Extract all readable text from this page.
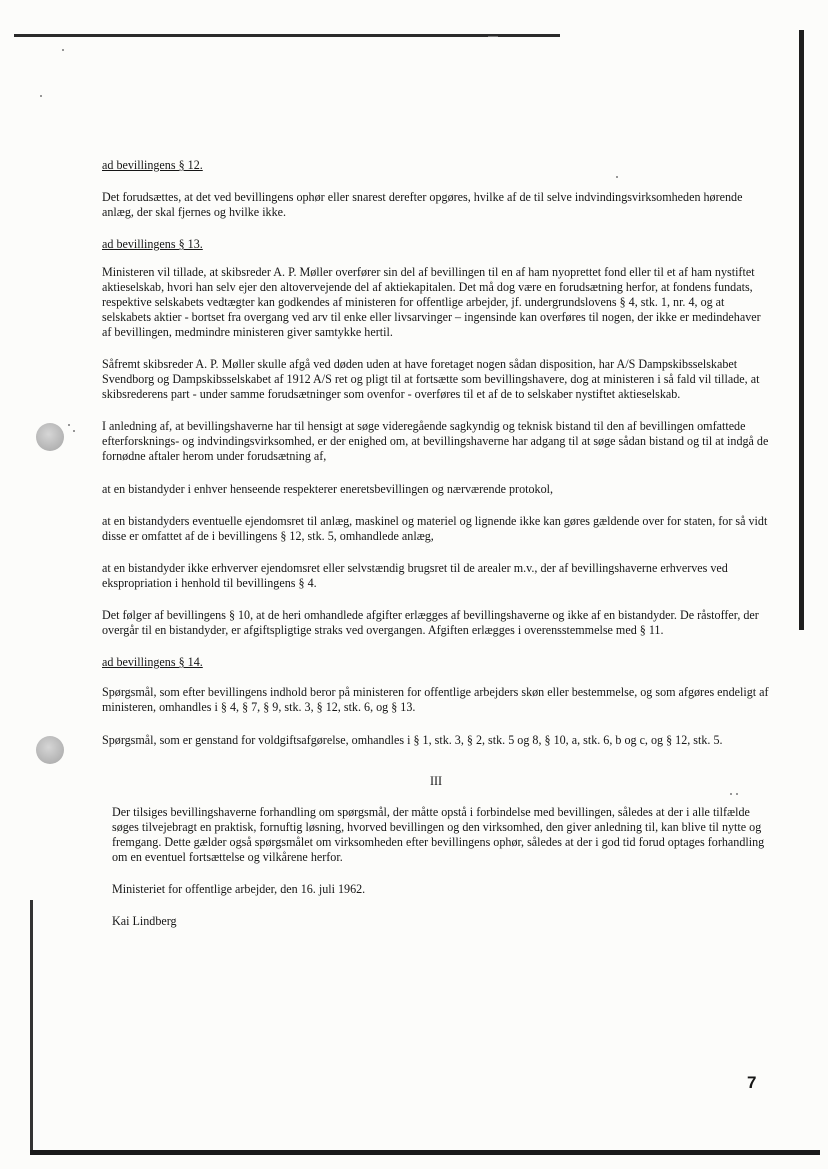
ad bevillingens § 12.

Det forudsættes, at det ved bevillingens ophør eller snarest derefter opgøres, hvilke af de til selve indvindingsvirksomheden hørende anlæg, der skal fjernes og hvilke ikke.

ad bevillingens § 13.

Ministeren vil tillade, at skibsreder A. P. Møller overfører sin del af bevillingen til en af ham nyoprettet fond eller til et af ham nystiftet aktieselskab, hvori han selv ejer den altovervejende del af aktiekapitalen. Det må dog være en forudsætning herfor, at fondens fundats, respektive selskabets vedtægter kan godkendes af ministeren for offentlige arbejder, jf. undergrundslovens § 4, stk. 1, nr. 4, og at selskabets aktier - bortset fra overgang ved arv til enke eller livsarvinger – ingensinde kan overføres til nogen, der ikke er medindehaver af bevillingen, medmindre ministeren giver samtykke hertil.

Såfremt skibsreder A. P. Møller skulle afgå ved døden uden at have foretaget nogen sådan disposition, har A/S Dampskibsselskabet Svendborg og Dampskibsselskabet af 1912 A/S ret og pligt til at fortsætte som bevillingshavere, dog at ministeren i så fald vil tillade, at skibsrederens part - under samme forudsætninger som ovenfor - overføres til et af de to selskaber nystiftet aktieselskab.

I anledning af, at bevillingshaverne har til hensigt at søge videregående sagkyndig og teknisk bistand til den af bevillingen omfattede efterforsknings- og indvindingsvirksomhed, er der enighed om, at bevillingshaverne har adgang til at søge sådan bistand og til at indgå de fornødne aftaler herom under forudsætning af,

at en bistandyder i enhver henseende respekterer eneretsbevillingen og nærværende protokol,

at en bistandyders eventuelle ejendomsret til anlæg, maskinel og materiel og lignende ikke kan gøres gældende over for staten, for så vidt disse er omfattet af de i bevillingens § 12, stk. 5, omhandlede anlæg,

at en bistandyder ikke erhverver ejendomsret eller selvstændig brugsret til de arealer m.v., der af bevillingshaverne erhverves ved ekspropriation i henhold til bevillingens § 4.

Det følger af bevillingens § 10, at de heri omhandlede afgifter erlægges af bevillingshaverne og ikke af en bistandyder. De råstoffer, der overgår til en bistandyder, er afgiftspligtige straks ved overgangen. Afgiften erlægges i overensstemmelse med § 11.

ad bevillingens § 14.

Spørgsmål, som efter bevillingens indhold beror på ministeren for offentlige arbejders skøn eller bestemmelse, og som afgøres endeligt af ministeren, omhandles i § 4, § 7, § 9, stk. 3, § 12, stk. 6, og § 13.

Spørgsmål, som er genstand for voldgiftsafgørelse, omhandles i § 1, stk. 3, § 2, stk. 5 og 8, § 10, a, stk. 6, b og c, og § 12, stk. 5.

III

Der tilsiges bevillingshaverne forhandling om spørgsmål, der måtte opstå i forbindelse med bevillingen, således at der i alle tilfælde søges tilvejebragt en praktisk, fornuftig løsning, hvorved bevillingen og den virksomhed, den giver anledning til, kan blive til nytte og fremgang. Dette gælder også spørgsmålet om virksomheden efter bevillingens ophør, således at der i god tid forud optages forhandling om en eventuel fortsættelse og vilkårene herfor.

Ministeriet for offentlige arbejder, den 16. juli 1962.

Kai Lindberg

7
